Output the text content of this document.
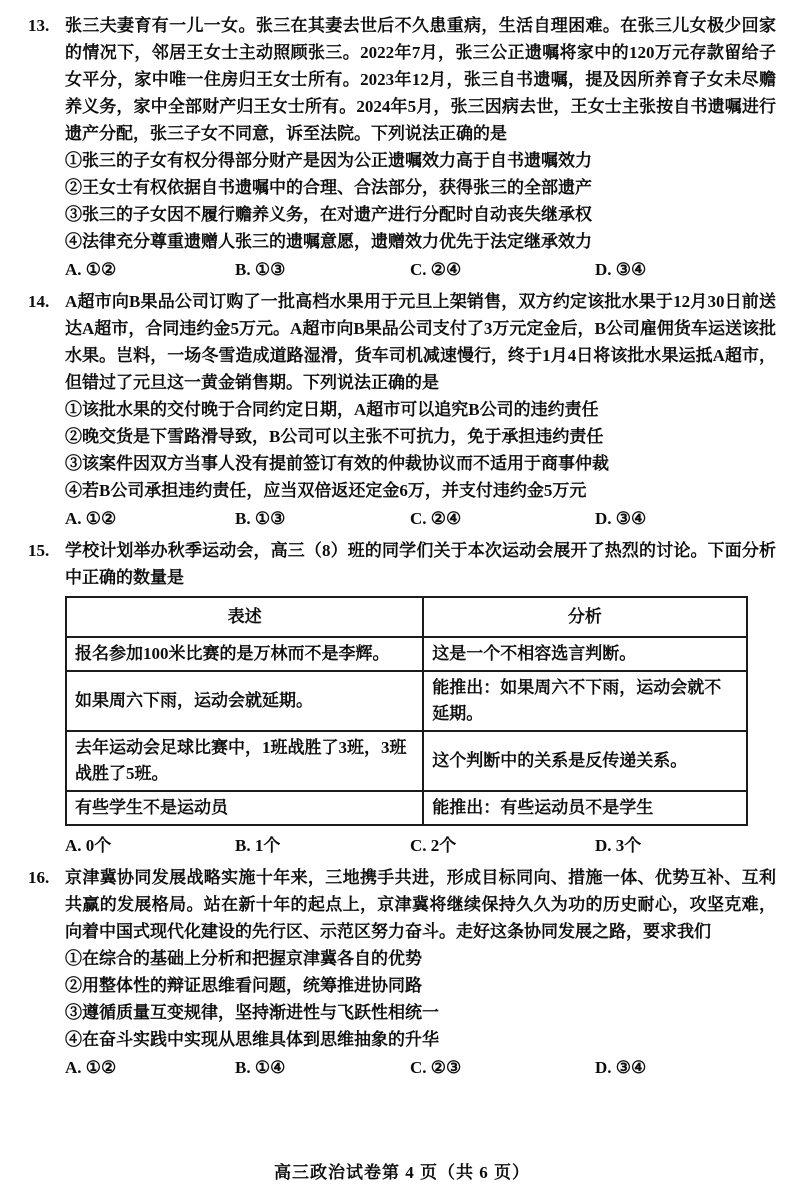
13. 张三夫妻育有一儿一女。张三在其妻去世后不久患重病，生活自理困难。在张三儿女极少回家的情况下，邻居王女士主动照顾张三。2022年7月，张三公正遗嘱将家中的120万元存款留给子女平分，家中唯一住房归王女士所有。2023年12月，张三自书遗嘱，提及因所养育子女未尽赡养义务，家中全部财产归王女士所有。2024年5月，张三因病去世，王女士主张按自书遗嘱进行遗产分配，张三子女不同意，诉至法院。下列说法正确的是

①张三的子女有权分得部分财产是因为公正遗嘱效力高于自书遗嘱效力

②王女士有权依据自书遗嘱中的合理、合法部分，获得张三的全部遗产

③张三的子女因不履行赡养义务，在对遗产进行分配时自动丧失继承权

④法律充分尊重遗赠人张三的遗嘱意愿，遗赠效力优先于法定继承效力

A. ①②	B. ①③	C. ②④	D. ③④
14. A超市向B果品公司订购了一批高档水果用于元旦上架销售，双方约定该批水果于12月30日前送达A超市，合同违约金5万元。A超市向B果品公司支付了3万元定金后，B公司雇佣货车运送该批水果。岂料，一场冬雪造成道路湿滑，货车司机减速慢行，终于1月4日将该批水果运抵A超市，但错过了元旦这一黄金销售期。下列说法正确的是

①该批水果的交付晚于合同约定日期，A超市可以追究B公司的违约责任

②晚交货是下雪路滑导致，B公司可以主张不可抗力，免于承担违约责任

③该案件因双方当事人没有提前签订有效的仲裁协议而不适用于商事仲裁

④若B公司承担违约责任，应当双倍返还定金6万，并支付违约金5万元

A. ①②	B. ①③	C. ②④	D. ③④
15. 学校计划举办秋季运动会，高三（8）班的同学们关于本次运动会展开了热烈的讨论。下面分析中正确的数量是

表述	分析
报名参加100米比赛的是万林而不是李辉。	这是一个不相容选言判断。
如果周六下雨，运动会就延期。	能推出：如果周六不下雨，运动会就不延期。
去年运动会足球比赛中，1班战胜了3班，3班战胜了5班。	这个判断中的关系是反传递关系。
有些学生不是运动员	能推出：有些运动员不是学生
A. 0个	B. 1个	C. 2个	D. 3个
16. 京津冀协同发展战略实施十年来，三地携手共进，形成目标同向、措施一体、优势互补、互利共赢的发展格局。站在新十年的起点上，京津冀将继续保持久久为功的历史耐心，攻坚克难，向着中国式现代化建设的先行区、示范区努力奋斗。走好这条协同发展之路，要求我们

①在综合的基础上分析和把握京津冀各自的优势

②用整体性的辩证思维看问题，统筹推进协同路

③遵循质量互变规律，坚持渐进性与飞跃性相统一

④在奋斗实践中实现从思维具体到思维抽象的升华

A. ①②	B. ①④	C. ②③	D. ③④
高三政治试卷第 4 页（共 6 页）
